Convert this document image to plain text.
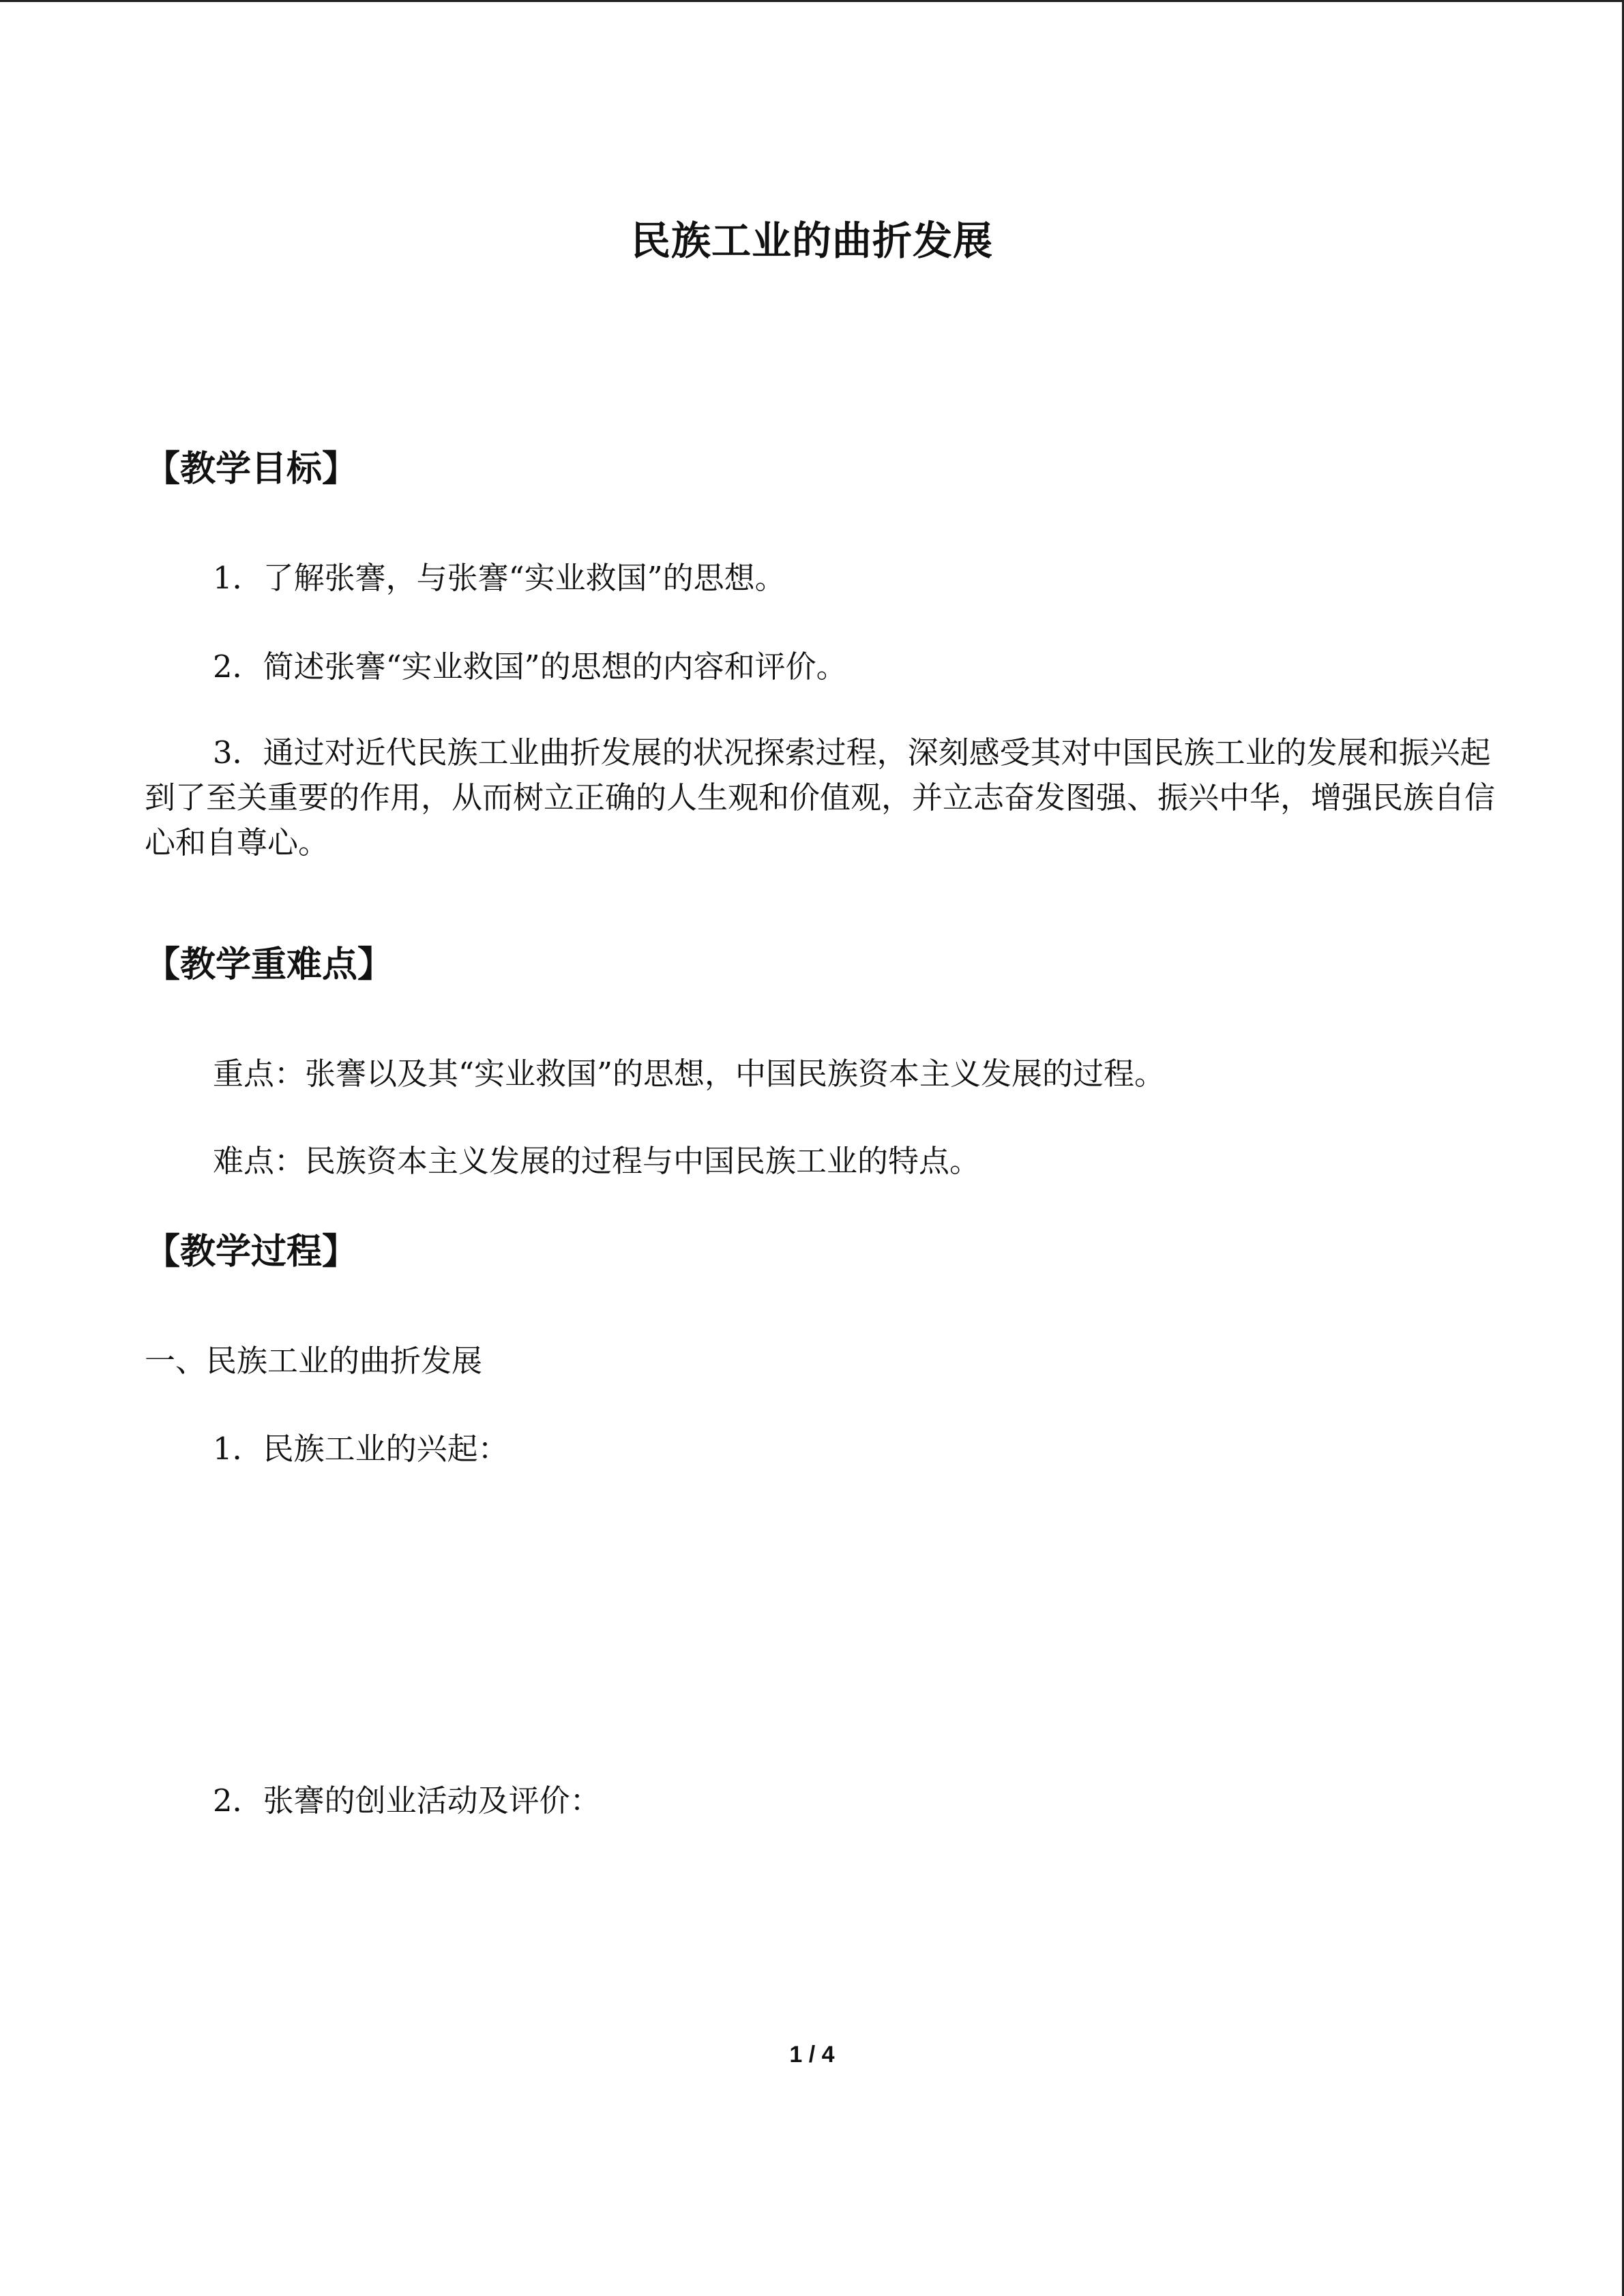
民族工业的曲折发展
【教学目标】
1．了解张謇，与张謇“实业救国”的思想。
2．简述张謇“实业救国”的思想的内容和评价。
3．通过对近代民族工业曲折发展的状况探索过程，深刻感受其对中国民族工业的发展和振兴起到了至关重要的作用，从而树立正确的人生观和价值观，并立志奋发图强、振兴中华，增强民族自信心和自尊心。
【教学重难点】
重点：张謇以及其“实业救国”的思想，中国民族资本主义发展的过程。
难点：民族资本主义发展的过程与中国民族工业的特点。
【教学过程】
一、民族工业的曲折发展
1．民族工业的兴起：
2．张謇的创业活动及评价：
1 / 4
